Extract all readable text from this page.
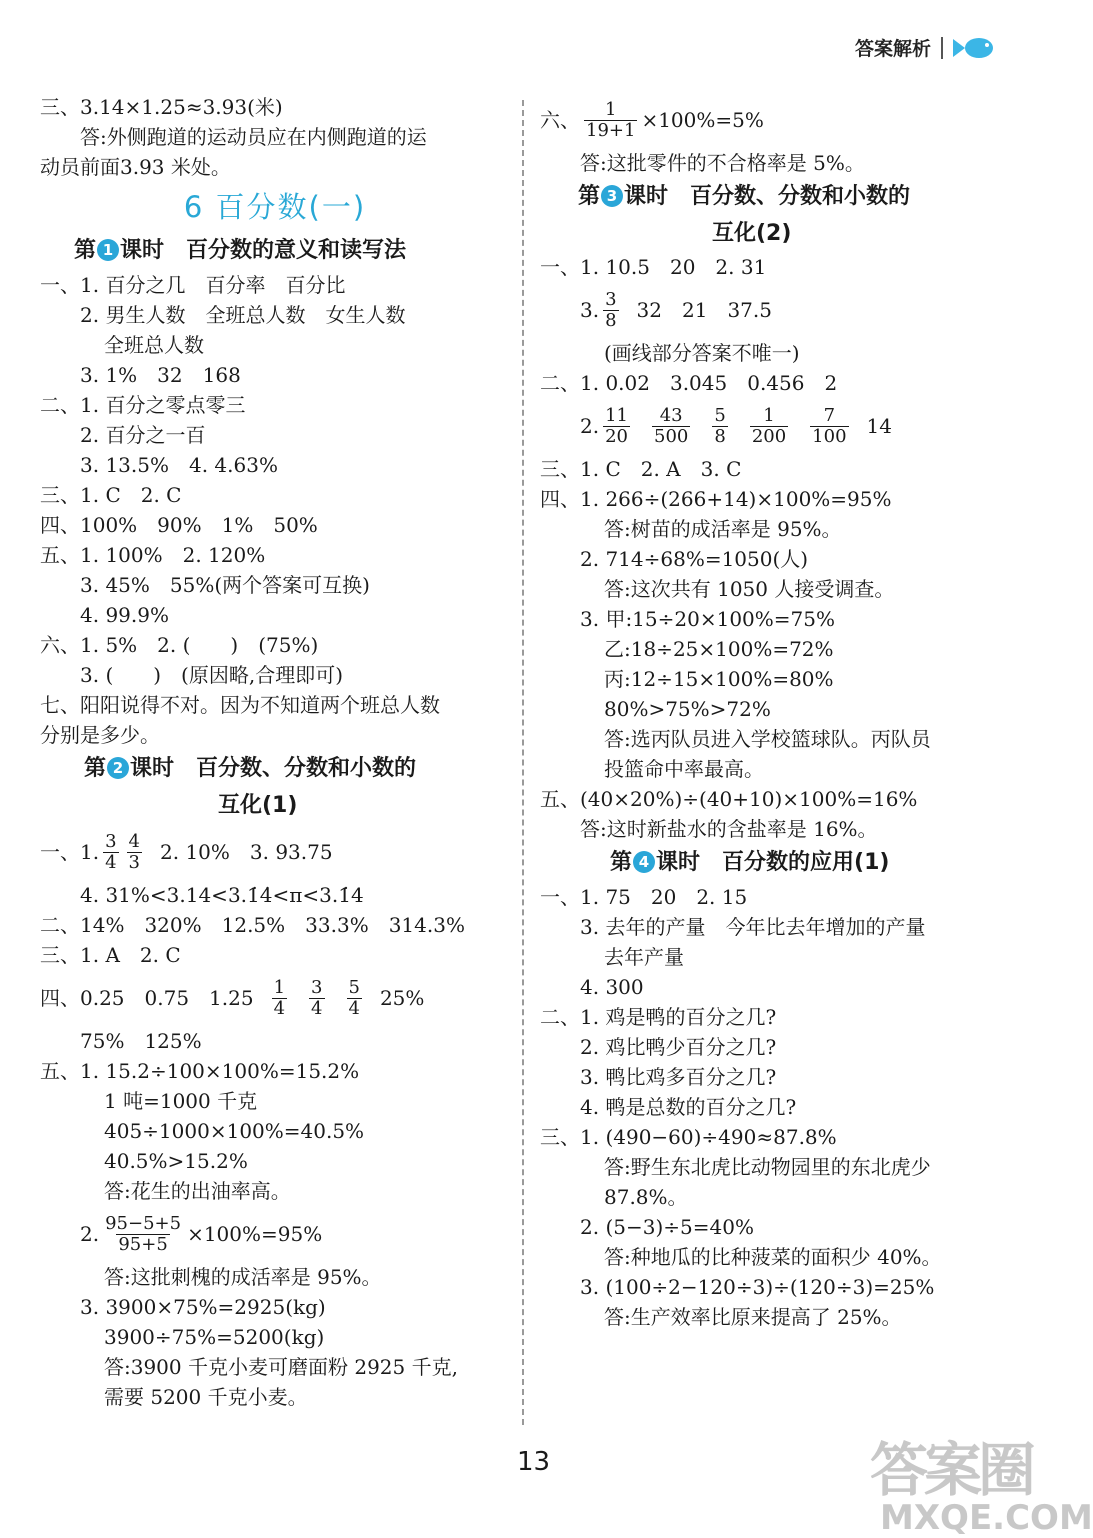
答案解析
三、3.14×1.25≈3.93(米)
答:外侧跑道的运动员应在内侧跑道的运
动员前面3.93 米处。
6 百分数(一)
第 1 课时　百分数的意义和读写法
一、1. 百分之几　百分率　百分比
2. 男生人数　全班总人数　女生人数
全班总人数
3. 1%　32　168
二、1. 百分之零点零三
2. 百分之一百
3. 13.5%　4. 4.63%
三、1. C　2. C
四、100%　90%　1%　50%
五、1. 100%　2. 120%
3. 45%　55%(两个答案可互换)
4. 99.9%
六、1. 5%　2. (　　)　(75%)
3. (　　)　(原因略,合理即可)
七、阳阳说得不对。因为不知道两个班总人数
分别是多少。
第 2 课时　百分数、分数和小数的
互化(1)
一、1. 3
4
4
3 2. 10%　3. 93.75
4. 31%<3.14<3.1̇4̇<π<3.1̇4
二、14%　320%　12.5%　33.3%　314.3%
三、1. A　2. C
四、0.25　0.75　1.25 1
4
3
4
5
4 25%
75%　125%
五、1. 15.2÷100×100%=15.2%
1 吨=1000 千克
405÷1000×100%=40.5%
40.5%>15.2%
答:花生的出油率高。
2. $\frac{95-5+5}{95+5} \times 100\%=95\%$
答:这批刺槐的成活率是 95%。
3. 3900×75%=2925(kg)
3900÷75%=5200(kg)
答:3900 千克小麦可磨面粉 2925 千克,
需要 5200 千克小麦。
六、 $\frac{1}{19+1} \times 100\%=5\%$
答:这批零件的不合格率是 5%。
第 3 课时　百分数、分数和小数的
互化(2)
一、1. 10.5　20　2. 31
3. 3
8 32　21　37.5
(画线部分答案不唯一)
二、1. 0.02　3.045　0.456　2
2. 11
20
43
500
5
8
1
200
7
100 14
三、1. C　2. A　3. C
四、1. 266÷(266+14)×100%=95%
答:树苗的成活率是 95%。
2. 714÷68%=1050(人)
答:这次共有 1050 人接受调查。
3. 甲:15÷20×100%=75%
乙:18÷25×100%=72%
丙:12÷15×100%=80%
80%>75%>72%
答:选丙队员进入学校篮球队。丙队员
投篮命中率最高。
五、(40×20%)÷(40+10)×100%=16%
答:这时新盐水的含盐率是 16%。
第 4 课时　百分数的应用(1)
一、1. 75　20　2. 15
3. 去年的产量　今年比去年增加的产量
去年产量
4. 300
二、1. 鸡是鸭的百分之几?
2. 鸡比鸭少百分之几?
3. 鸭比鸡多百分之几?
4. 鸭是总数的百分之几?
三、1. (490−60)÷490≈87.8%
答:野生东北虎比动物园里的东北虎少
87.8%。
2. (5−3)÷5=40%
答:种地瓜的比种菠菜的面积少 40%。
3. (100÷2−120÷3)÷(120÷3)=25%
答:生产效率比原来提高了 25%。
13	答案圈
MXQE.COM
